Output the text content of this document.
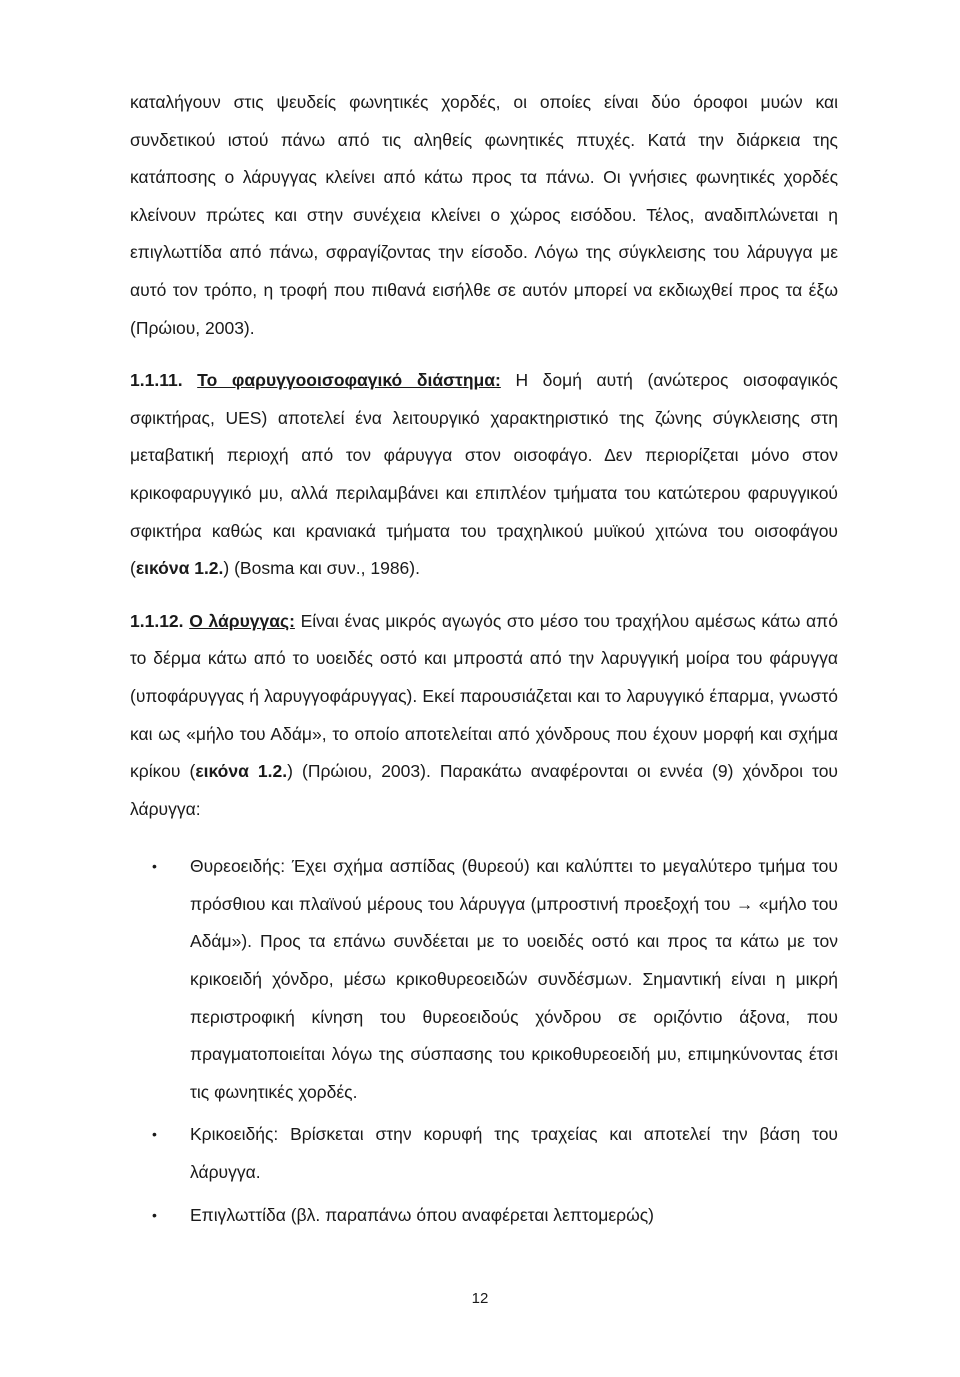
καταλήγουν στις ψευδείς φωνητικές χορδές, οι οποίες είναι δύο όροφοι μυών και συνδετικού ιστού πάνω από τις αληθείς φωνητικές πτυχές. Κατά την διάρκεια της κατάποσης ο λάρυγγας κλείνει από κάτω προς τα πάνω. Οι γνήσιες φωνητικές χορδές κλείνουν πρώτες και στην συνέχεια κλείνει ο χώρος εισόδου. Τέλος, αναδιπλώνεται η επιγλωττίδα από πάνω, σφραγίζοντας την είσοδο. Λόγω της σύγκλεισης του λάρυγγα με αυτό τον τρόπο, η τροφή που πιθανά εισήλθε σε αυτόν μπορεί να εκδιωχθεί προς τα έξω (Πρώιου, 2003).

1.1.11. Το φαρυγγοοισοφαγικό διάστημα: Η δομή αυτή (ανώτερος οισοφαγικός σφικτήρας, UES) αποτελεί ένα λειτουργικό χαρακτηριστικό της ζώνης σύγκλεισης στη μεταβατική περιοχή από τον φάρυγγα στον οισοφάγο. Δεν περιορίζεται μόνο στον κρικοφαρυγγικό μυ, αλλά περιλαμβάνει και επιπλέον τμήματα του κατώτερου φαρυγγικού σφικτήρα καθώς και κρανιακά τμήματα του τραχηλικού μυϊκού χιτώνα του οισοφάγου (εικόνα 1.2.) (Bosma και συν., 1986).

1.1.12. Ο λάρυγγας: Είναι ένας μικρός αγωγός στο μέσο του τραχήλου αμέσως κάτω από το δέρμα κάτω από το υοειδές οστό και μπροστά από την λαρυγγική μοίρα του φάρυγγα (υποφάρυγγας ή λαρυγγοφάρυγγας). Εκεί παρουσιάζεται και το λαρυγγικό έπαρμα, γνωστό και ως «μήλο του Αδάμ», το οποίο αποτελείται από χόνδρους που έχουν μορφή και σχήμα κρίκου (εικόνα 1.2.) (Πρώιου, 2003). Παρακάτω αναφέρονται οι εννέα (9) χόνδροι του λάρυγγα:

• Θυρεοειδής: Έχει σχήμα ασπίδας (θυρεού) και καλύπτει το μεγαλύτερο τμήμα του πρόσθιου και πλαϊνού μέρους του λάρυγγα (μπροστινή προεξοχή του → «μήλο του Αδάμ»). Προς τα επάνω συνδέεται με το υοειδές οστό και προς τα κάτω με τον κρικοειδή χόνδρο, μέσω κρικοθυρεοειδών συνδέσμων. Σημαντική είναι η μικρή περιστροφική κίνηση του θυρεοειδούς χόνδρου σε οριζόντιο άξονα, που πραγματοποιείται λόγω της σύσπασης του κρικοθυρεοειδή μυ, επιμηκύνοντας έτσι τις φωνητικές χορδές.
• Κρικοειδής: Βρίσκεται στην κορυφή της τραχείας και αποτελεί την βάση του λάρυγγα.
• Επιγλωττίδα (βλ. παραπάνω όπου αναφέρεται λεπτομερώς)
12
